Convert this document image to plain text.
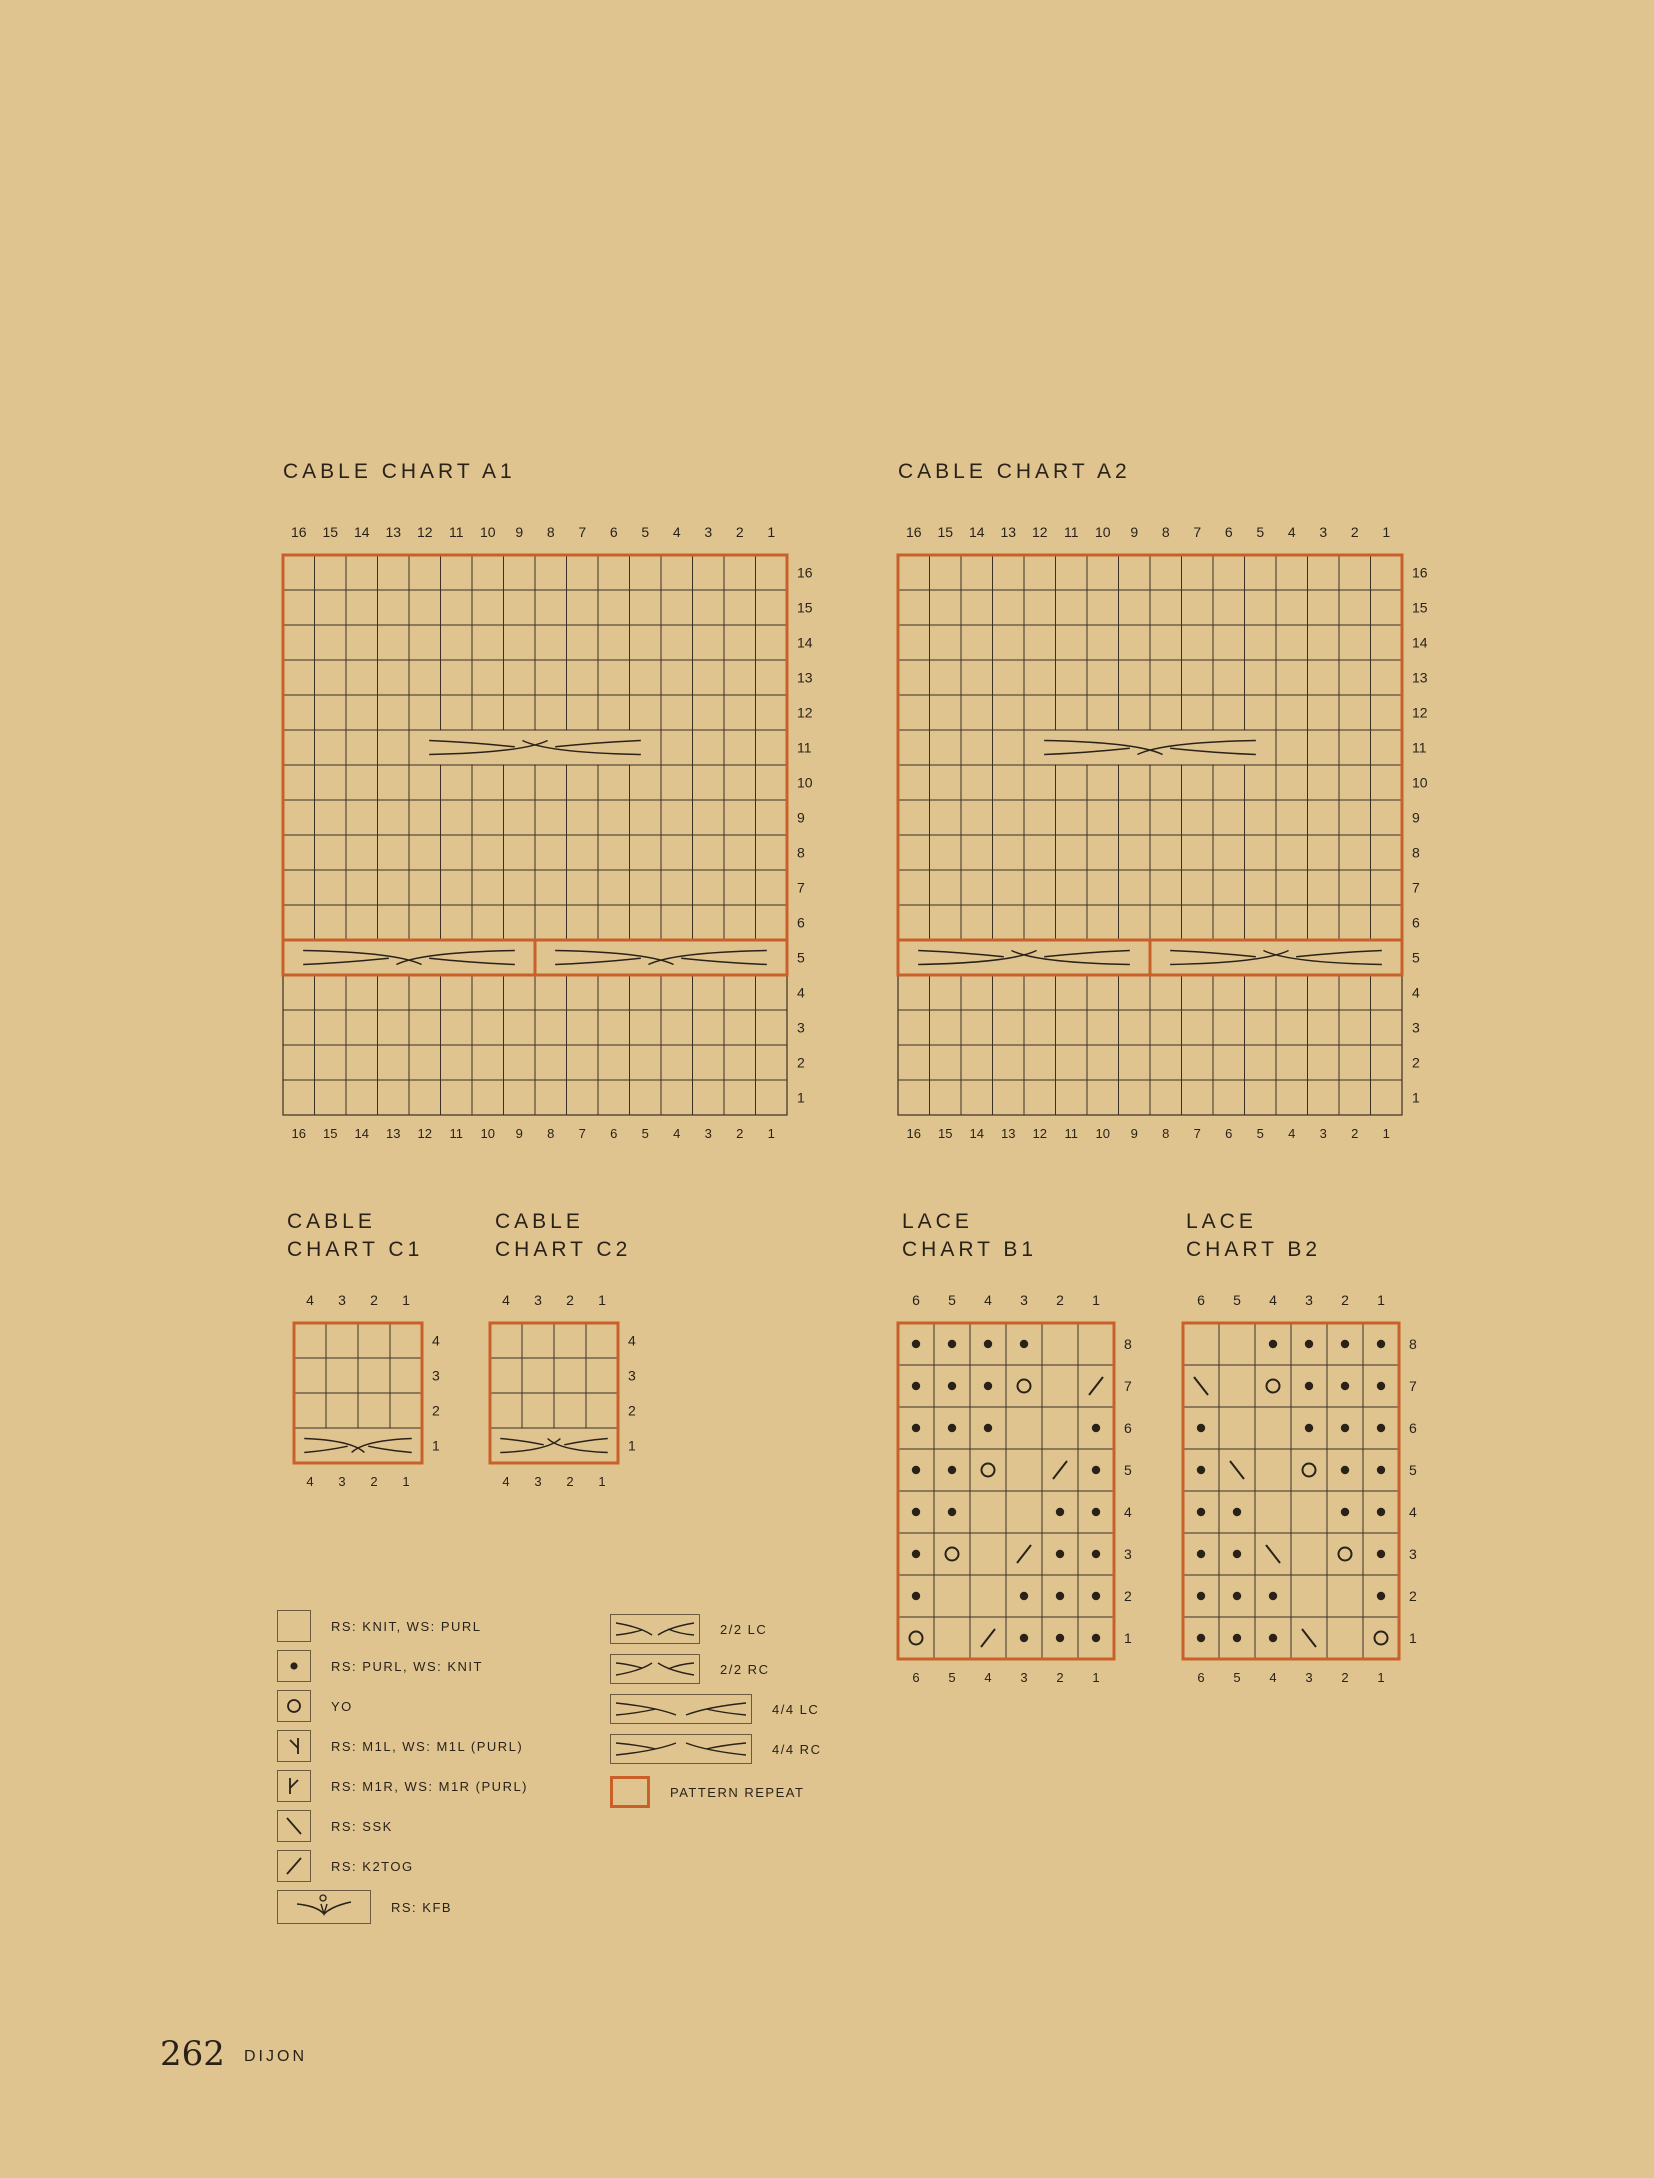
CABLE CHART A1	CABLE CHART A2
CABLE
CHART C1
CABLE
CHART C2
LACE
CHART B1
LACE
CHART B2
16
16
15
15
14
14
13
13
12
12
11
11
10
10
9
9
8
8
7
7
6
6
5
5
4
4
3
3
2
2
1
1
1
2
3
4
5
6
7
8
9
10
11
12
13
14
15
16
16
16
15
15
14
14
13
13
12
12
11
11
10
10
9
9
8
8
7
7
6
6
5
5
4
4
3
3
2
2
1
1
1
2
3
4
5
6
7
8
9
10
11
12
13
14
15
16
4
4
3
3
2
2
1
1
1
2
3
4
4
4
3
3
2
2
1
1
1
2
3
4
6
6
5
5
4
4
3
3
2
2
1
1
1
2
3
4
5
6
7
8
6
6
5
5
4
4
3
3
2
2
1
1
1
2
3
4
5
6
7
8
RS: KNIT, WS: PURL
RS: PURL, WS: KNIT
YO
RS: M1L, WS: M1L (PURL)
RS: M1R, WS: M1R (PURL)
RS: SSK
RS: K2TOG
RS: KFB
2/2 LC
2/2 RC
4/4 LC
4/4 RC
PATTERN REPEAT
262 DIJON
